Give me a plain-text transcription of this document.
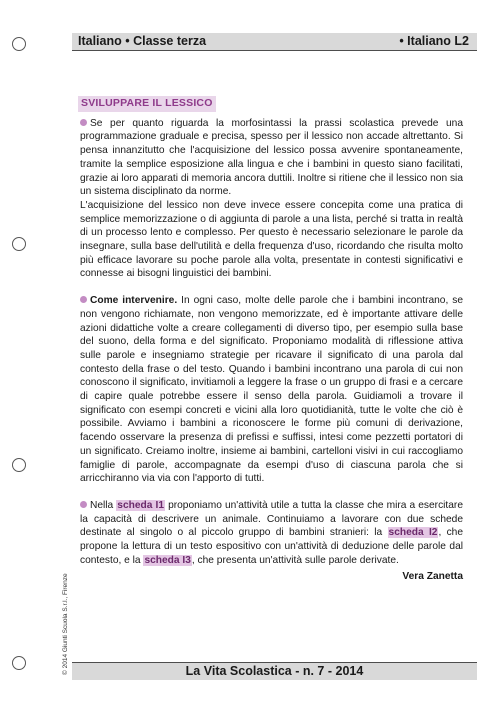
Italiano • Classe terza	• Italiano L2
SVILUPPARE IL LESSICO

Se per quanto riguarda la morfosintassi la prassi scolastica prevede una programmazione graduale e precisa, spesso per il lessico non accade altrettanto. Si pensa innanzitutto che l'acquisizione del lessico possa avvenire spontaneamente, tramite la semplice esposizione alla lingua e che i bambini in questo siano facilitati, grazie ai loro apparati di memoria ancora duttili. Inoltre si ritiene che il lessico non sia un sistema disciplinato da norme.

L'acquisizione del lessico non deve invece essere concepita come una pratica di semplice memorizzazione o di aggiunta di parole a una lista, perché si tratta in realtà di un processo lento e complesso. Per questo è necessario selezionare le parole da insegnare, sulla base dell'utilità e della frequenza d'uso, ricordando che risulta molto più efficace lavorare su poche parole alla volta, presentate in contesti significativi e connesse ai bisogni linguistici dei bambini.

Come intervenire. In ogni caso, molte delle parole che i bambini incontrano, se non vengono richiamate, non vengono memorizzate, ed è importante attivare delle azioni didattiche volte a creare collegamenti di diverso tipo, per esempio sulla base del suono, della forma e del significato. Proponiamo modalità di riflessione attiva sulle parole e insegniamo strategie per ricavare il significato di una parola dal contesto della frase o del testo. Quando i bambini incontrano una parola di cui non conoscono il significato, invitiamoli a leggere la frase o un gruppo di frasi e a cercare di capire quale potrebbe essere il senso della parola. Guidiamoli a trovare il significato con esempi concreti e vicini alla loro quotidianità, tutte le volte che ciò è possibile. Avviamo i bambini a riconoscere le forme più comuni di derivazione, facendo osservare la presenza di prefissi e suffissi, intesi come pezzetti portatori di un significato. Creiamo inoltre, insieme ai bambini, cartelloni visivi in cui raccogliamo famiglie di parole, accompagnate da esempi d'uso di ciascuna parola che si arricchiranno via via con l'apporto di tutti.

Nella scheda I1 proponiamo un'attività utile a tutta la classe che mira a esercitare la capacità di descrivere un animale. Continuiamo a lavorare con due schede destinate al singolo o al piccolo gruppo di bambini stranieri: la scheda I2, che propone la lettura di un testo espositivo con un'attività di deduzione delle parole dal contesto, e la scheda I3, che presenta un'attività sulle parole derivate.

Vera Zanetta
© 2014 Giunti Scuola S.r.l., Firenze	La Vita Scolastica - n. 7 - 2014
